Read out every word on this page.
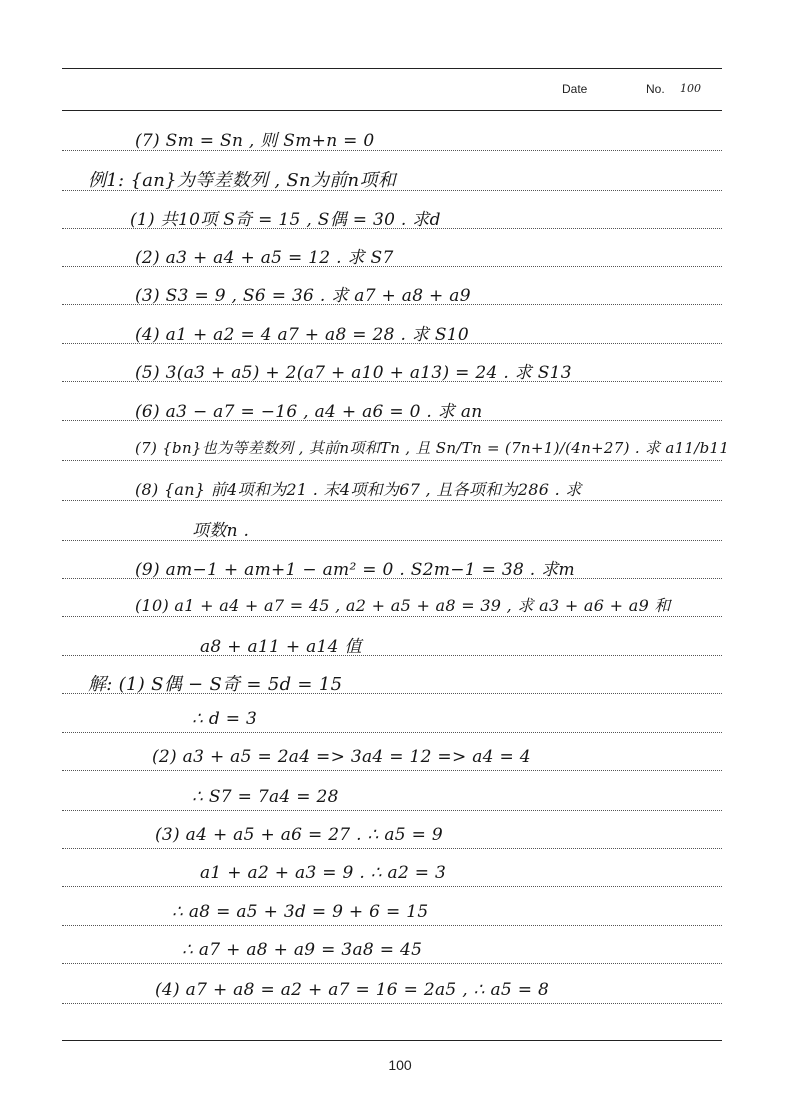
Date	No. 100
(7) Sm = Sn , 则 Sm+n = 0
例1: {an}为等差数列 , Sn为前n项和
(1) 共10项 S奇 = 15 , S偶 = 30 . 求d
(2) a3 + a4 + a5 = 12 . 求 S7
(3) S3 = 9 , S6 = 36 . 求 a7 + a8 + a9
(4) a1 + a2 = 4 a7 + a8 = 28 . 求 S10
(5) 3(a3 + a5) + 2(a7 + a10 + a13) = 24 . 求 S13
(6) a3 − a7 = −16 , a4 + a6 = 0 . 求 an
(7) {bn}也为等差数列 , 其前n项和Tn , 且 Sn/Tn = (7n+1)/(4n+27) . 求 a11/b11
(8) {an} 前4项和为21 . 末4项和为67 , 且各项和为286 . 求
项数n .
(9) am−1 + am+1 − am² = 0 . S2m−1 = 38 . 求m
(10) a1 + a4 + a7 = 45 , a2 + a5 + a8 = 39 , 求 a3 + a6 + a9 和
a8 + a11 + a14 值
解: (1) S偶 − S奇 = 5d = 15
∴ d = 3
(2) a3 + a5 = 2a4 => 3a4 = 12 => a4 = 4
∴ S7 = 7a4 = 28
(3) a4 + a5 + a6 = 27 . ∴ a5 = 9
a1 + a2 + a3 = 9 . ∴ a2 = 3
∴ a8 = a5 + 3d = 9 + 6 = 15
∴ a7 + a8 + a9 = 3a8 = 45
(4) a7 + a8 = a2 + a7 = 16 = 2a5 , ∴ a5 = 8
100
